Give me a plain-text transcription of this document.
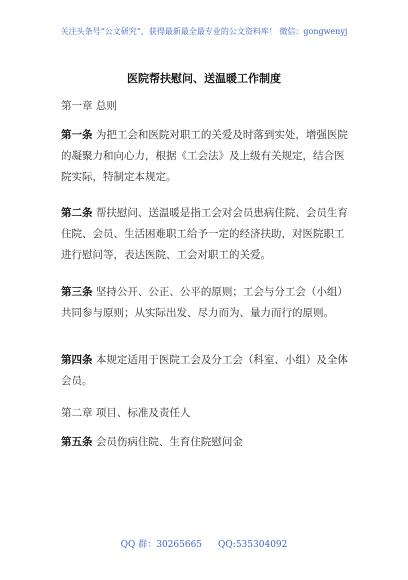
关注头条号“公文研究”，获得最新最全最专业的公文资料库！ 微信：gongwenyj
医院帮扶慰问、送温暖工作制度

第一章 总则

第一条 为把工会和医院对职工的关爱及时落到实处，增强医院的凝聚力和向心力，根据《工会法》及上级有关规定，结合医院实际，特制定本规定。

第二条 帮扶慰问、送温暖是指工会对会员患病住院、会员生育住院、会员、生活困难职工给予一定的经济扶助，对医院职工进行慰问等，表达医院、工会对职工的关爱。

第三条 坚持公开、公正、公平的原则；工会与分工会（小组）共同参与原则；从实际出发、尽力而为、量力而行的原则。

第四条 本规定适用于医院工会及分工会（科室、小组）及全体会员。

第二章 项目、标准及责任人

第五条 会员伤病住院、生育住院慰问金

QQ 群：30265665 QQ:535304092
